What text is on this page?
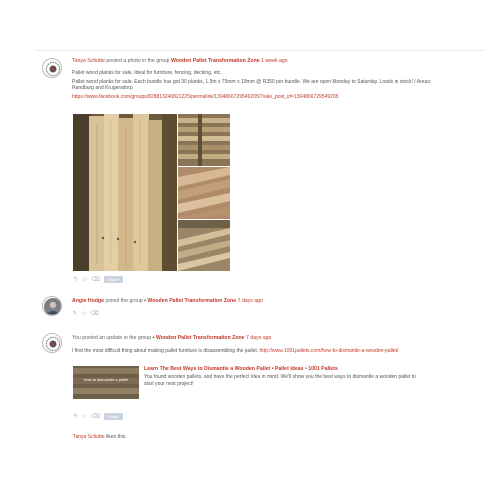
Tanya Schutte posted a photo in the group Wooden Pallet Transformation Zone 1 week ago
Pallet wood planks for sale. Ideal for furniture, fencing, decking, etc.
Pallet wood planks for sale. Each bundle has got 30 planks, 1.5m x 75mm x 19mm @ R350 per bundle. We are open Monday to Saturday. Loads in stock! / Areas: Randburg and Krugersdorp
https://www.facebook.com/groups/828813240821225/permalink/1304866729549205/?sale_post_id=1304866729549205
↰ ☆ ⌫	Share
Angie Hodge joined the group ▪ Wooden Pallet Transformation Zone 7 days ago
↰ ☆ ⌫
You posted an update in the group ▪ Wooden Pallet Transformation Zone 7 days ago
I find the most difficult thing about making pallet furniture is disassembling the pallet. http://www.1001pallets.com/how-to-dismantle-a-wooden-pallet/
How to dismantle a pallet
Learn The Best Ways to Dismantle a Wooden Pallet • Pallet Ideas • 1001 Pallets
You found wooden pallets, and have the perfect idea in mind. We'll show you the best ways to dismantle a wooden pallet to start your next project!
↰ ☆ ⌫	Share
Tanya Schutte likes this.
